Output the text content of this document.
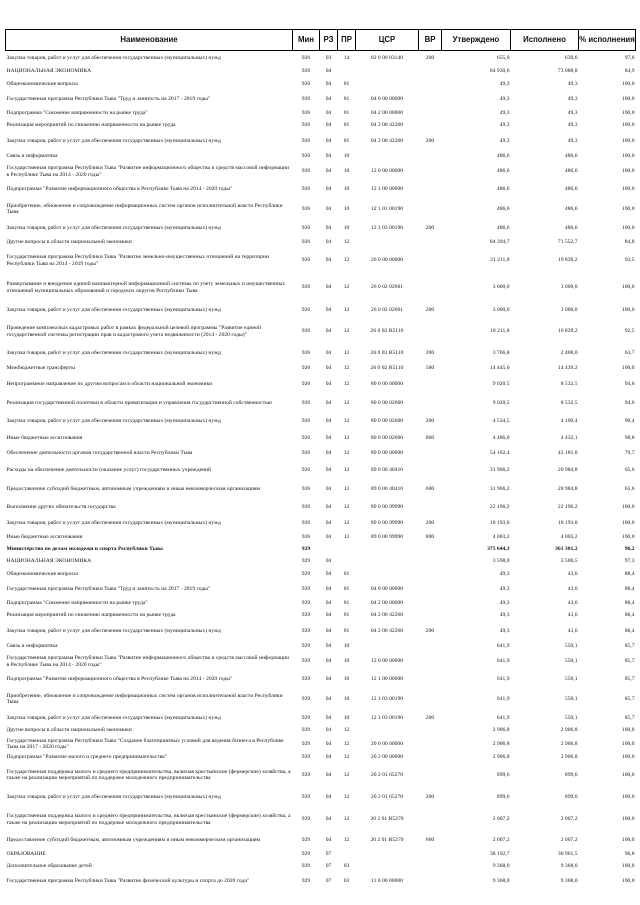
Наименование	Мин	РЗ	ПР	ЦСР	ВР	Утверждено	Исполнено	% исполнения
Закупка товаров, работ и услуг для обеспечения государственных (муниципальных) нужд	926	03	14	02 0 06 03140	200	655,0	639,6	97,6
НАЦИОНАЛЬНАЯ ЭКОНОМИКА	926	04				84 930,6	73 088,8	84,9
Общеэкономические вопросы	926	04	01			49,3	49,3	100,0
Государственная программа Республики Тыва "Труд и занятость на 2017 - 2019 годы"	926	04	01	04 0 00 00000		49,3	49,3	100,0
Подпрограмма "Снижение напряженности на рынке труда"	926	04	01	04 2 00 00000		49,3	49,3	100,0
Реализация мероприятий по снижению напряженности на рынке труда	926	04	01	04 2 00 42260		49,3	49,3	100,0
Закупка товаров, работ и услуг для обеспечения государственных (муниципальных) нужд	926	04	01	04 2 00 42260	200	49,3	49,3	100,0
Связь и информатика	926	04	10			486,6	486,6	100,0
Государственная программа Республики Тыва "Развитие информационного общества и средств массовой информации в Республике Тыва на 2014 - 2020 годы"	926	04	10	12 0 00 00000		486,6	486,6	100,0
Подпрограмма "Развитие информационного общества в Республике Тыва на 2014 - 2020 годы"	926	04	10	12 1 00 00000		486,6	486,6	100,0
Приобретение, обновление и сопровождение информационных систем органов исполнительной власти Республики Тыва	926	04	10	12 1 03 00190		486,6	486,6	100,0
Закупка товаров, работ и услуг для обеспечения государственных (муниципальных) нужд	926	04	10	12 1 03 00190	200	486,6	486,6	100,0
Другие вопросы в области национальной экономики	926	04	12			84 394,7	71 552,7	84,8
Государственная программа Республики Тыва "Развитие земельно-имущественных отношений на территории Республики Тыва на 2014 - 2019 годы"	926	04	12	26 0 00 00000		21 211,8	19 839,2	93,5
Развертывание и внедрение единой компьютерной информационной системы по учету земельных и имущественных отношений муниципальных образований и городских округов Республики Тыва	926	04	12	26 0 02 02601		3 000,0	3 000,0	100,0
Закупка товаров, работ и услуг для обеспечения государственных (муниципальных) нужд	926	04	12	26 0 02 02601	200	3 000,0	3 000,0	100,0
Проведение комплексных кадастровых работ в рамках федеральной целевой программы "Развитие единой государственной системы регистрации прав и кадастрового учета недвижимости (2014 - 2020 годы)"	926	04	12	26 0 02 R5110		18 211,8	16 839,2	92,5
Закупка товаров, работ и услуг для обеспечения государственных (муниципальных) нужд	926	04	12	26 0 02 R5110	200	3 766,8	2 400,0	63,7
Межбюджетные трансферты	926	04	12	26 0 02 R5110	500	14 445,0	14 439,2	100,0
Непрограммное направление по другим вопросам в области национальной экономики	926	04	12	80 0 00 00000		9 020,5	8 532,5	94,6
Реализация государственной политики в области приватизации и управления государственной собственностью	926	04	12	80 0 00 02600		9 020,5	8 532,5	94,6
Закупка товаров, работ и услуг для обеспечения государственных (муниципальных) нужд	926	04	12	80 0 00 02600	200	4 534,5	4 100,4	90,4
Иные бюджетные ассигнования	926	04	12	80 0 00 02600	800	4 486,0	4 432,1	98,8
Обеспечение деятельности органов государственной власти Республики Тыва	926	04	12	89 0 00 00000		54 162,4	43 181,0	79,7
Расходы на обеспечение деятельности (оказание услуг) государственных учреждений	926	04	12	89 0 00 40410		31 966,2	20 984,8	65,6
Предоставление субсидий бюджетным, автономным учреждениям и иным некоммерческим организациям	926	04	12	89 0 00 40410	600	31 966,2	20 984,8	65,6
Выполнение других обязательств государства	926	04	12	89 0 00 99990		22 196,2	22 196,2	100,0
Закупка товаров, работ и услуг для обеспечения государственных (муниципальных) нужд	926	04	12	89 0 00 99990	200	18 193,0	18 193,0	100,0
Иные бюджетные ассигнования	926	04	12	89 0 00 99990	800	4 003,2	4 003,2	100,0
Министерство по делам молодежи и спорта Республики Тыва	929					375 644,3	361 301,2	96,2
НАЦИОНАЛЬНАЯ ЭКОНОМИКА	929	04				3 598,0	3 500,5	97,3
Общеэкономические вопросы	929	04	01			49,3	43,6	88,4
Государственная программа Республики Тыва "Труд и занятость на 2017 - 2019 годы"	929	04	01	04 0 00 00000		49,3	43,6	88,4
Подпрограмма "Снижение напряженности на рынке труда"	929	04	01	04 2 00 00000		49,3	43,6	88,4
Реализация мероприятий по снижению напряженности на рынке труда	929	04	01	04 2 00 42260		49,3	43,6	88,4
Закупка товаров, работ и услуг для обеспечения государственных (муниципальных) нужд	929	04	01	04 2 00 42260	200	49,3	43,6	88,4
Связь и информатика	929	04	10			641,9	550,1	85,7
Государственная программа Республики Тыва "Развитие информационного общества и средств массовой информации в Республике Тыва на 2014 - 2020 годы"	929	04	10	12 0 00 00000		641,9	550,1	85,7
Подпрограмма "Развитие информационного общества в Республике Тыва на 2014 - 2020 годы"	929	04	10	12 1 00 00000		641,9	550,1	85,7
Приобретение, обновление и сопровождение информационных систем органов исполнительной власти Республики Тыва	929	04	10	12 1 03 00190		641,9	550,1	85,7
Закупка товаров, работ и услуг для обеспечения государственных (муниципальных) нужд	929	04	10	12 1 03 00190	200	641,9	550,1	85,7
Другие вопросы в области национальной экономики	929	04	12			2 906,8	2 906,8	100,0
Государственная программа Республики Тыва "Создание благоприятных условий для ведения бизнеса в Республике Тыва на 2017 - 2020 годы"	929	04	12	20 0 00 00000		2 906,8	2 906,8	100,0
Подпрограмма "Развитие малого и среднего предпринимательства"	929	04	12	20 2 00 00000		2 906,8	2 906,8	100,0
Государственная поддержка малого и среднего предпринимательства, включая крестьянские (фермерские) хозяйства, а также на реализацию мероприятий по поддержке молодежного предпринимательства	929	04	12	20 2 01 65270		899,6	899,6	100,0
Закупка товаров, работ и услуг для обеспечения государственных (муниципальных) нужд	929	04	12	20 2 01 65270	200	899,6	899,6	100,0
Государственная поддержка малого и среднего предпринимательства, включая крестьянские (фермерские) хозяйства, а также на реализацию мероприятий по поддержке молодежного предпринимательства	929	04	12	20 2 01 R5270		2 007,2	2 007,2	100,0
Предоставление субсидий бюджетным, автономным учреждениям и иным некоммерческим организациям	929	04	12	20 2 01 R5270	600	2 007,2	2 007,2	100,0
ОБРАЗОВАНИЕ	929	07				38 192,7	36 961,5	96,8
Дополнительное образование детей	929	07	03			9 368,0	9 368,0	100,0
Государственная программа Республики Тыва "Развитие физической культуры и спорта до 2020 года"	929	07	03	11 0 00 00000		9 368,0	9 368,0	100,0
